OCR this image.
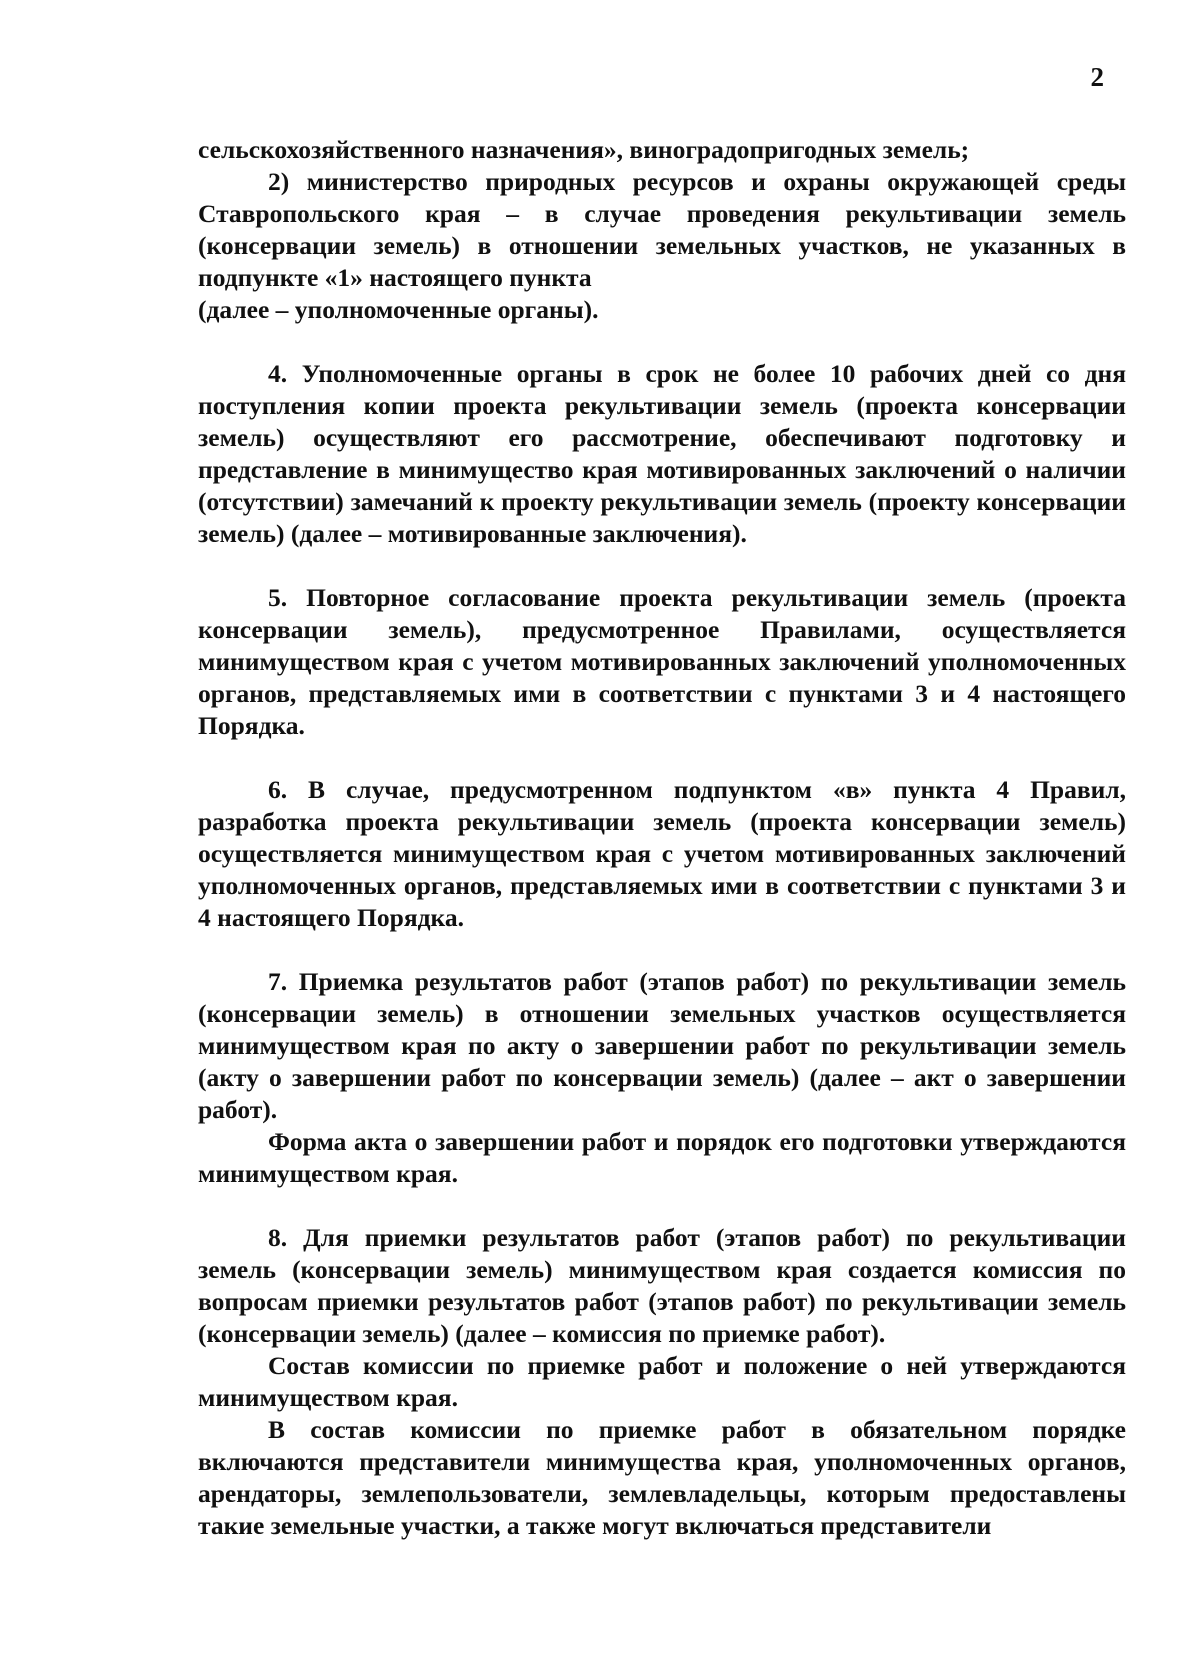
2

сельскохозяйственного назначения», виноградопригодных земель;

2) министерство природных ресурсов и охраны окружающей среды Ставропольского края – в случае проведения рекультивации земель (консервации земель) в отношении земельных участков, не указанных в подпункте «1» настоящего пункта

(далее – уполномоченные органы).

4. Уполномоченные органы в срок не более 10 рабочих дней со дня поступления копии проекта рекультивации земель (проекта консервации земель) осуществляют его рассмотрение, обеспечивают подготовку и представление в минимущество края мотивированных заключений о наличии (отсутствии) замечаний к проекту рекультивации земель (проекту консервации земель) (далее – мотивированные заключения).

5. Повторное согласование проекта рекультивации земель (проекта консервации земель), предусмотренное Правилами, осуществляется минимуществом края с учетом мотивированных заключений уполномоченных органов, представляемых ими в соответствии с пунктами 3 и 4 настоящего Порядка.

6. В случае, предусмотренном подпунктом «в» пункта 4 Правил, разработка проекта рекультивации земель (проекта консервации земель) осуществляется минимуществом края с учетом мотивированных заключений уполномоченных органов, представляемых ими в соответствии с пунктами 3 и 4 настоящего Порядка.

7. Приемка результатов работ (этапов работ) по рекультивации земель (консервации земель) в отношении земельных участков осуществляется минимуществом края по акту о завершении работ по рекультивации земель (акту о завершении работ по консервации земель) (далее – акт о завершении работ).

Форма акта о завершении работ и порядок его подготовки утверждаются минимуществом края.

8. Для приемки результатов работ (этапов работ) по рекультивации земель (консервации земель) минимуществом края создается комиссия по вопросам приемки результатов работ (этапов работ) по рекультивации земель (консервации земель) (далее – комиссия по приемке работ).

Состав комиссии по приемке работ и положение о ней утверждаются минимуществом края.

В состав комиссии по приемке работ в обязательном порядке включаются представители минимущества края, уполномоченных органов, арендаторы, землепользователи, землевладельцы, которым предоставлены такие земельные участки, а также могут включаться представители
